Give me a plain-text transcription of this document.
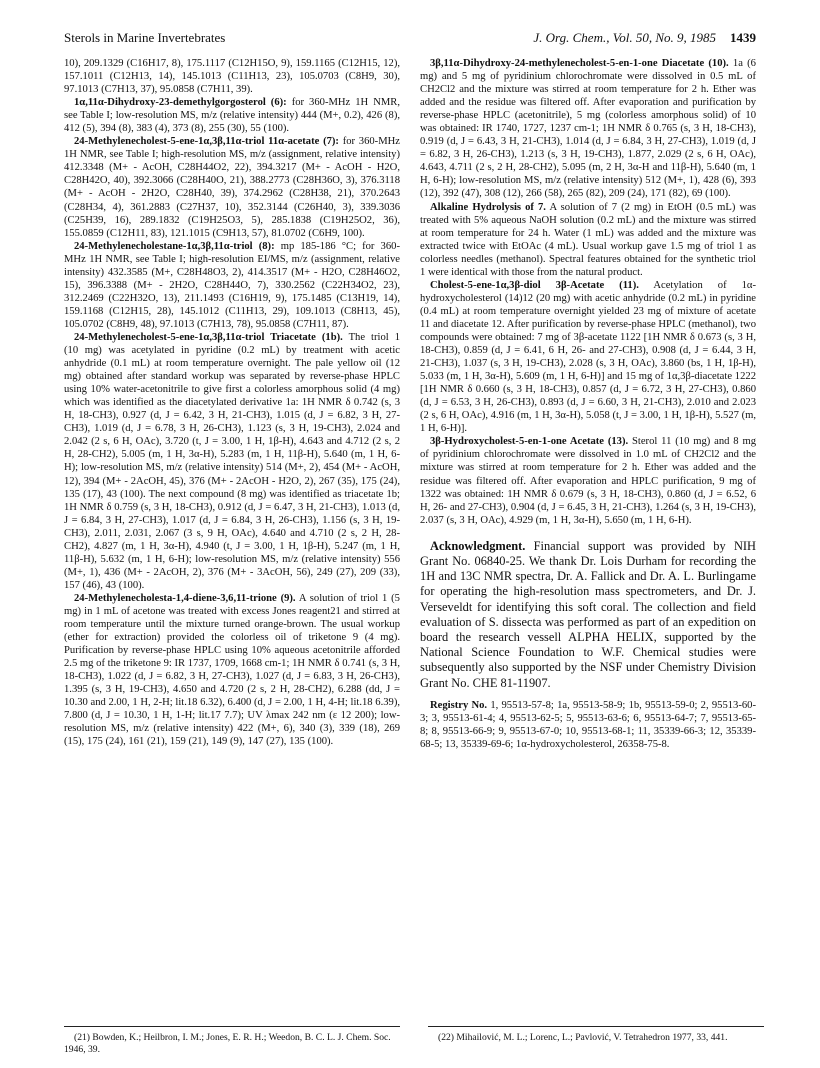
Sterols in Marine Invertebrates	J. Org. Chem., Vol. 50, No. 9, 1985 1439

10), 209.1329 (C16H17, 8), 175.1117 (C12H15O, 9), 159.1165 (C12H15, 12), 157.1011 (C12H13, 14), 145.1013 (C11H13, 23), 105.0703 (C8H9, 30), 97.1013 (C7H13, 37), 95.0858 (C7H11, 39).

1α,11α-Dihydroxy-23-demethylgorgosterol (6): for 360-MHz 1H NMR, see Table I; low-resolution MS, m/z (relative intensity) 444 (M+, 0.2), 426 (8), 412 (5), 394 (8), 383 (4), 373 (8), 255 (30), 55 (100).

24-Methylenecholest-5-ene-1α,3β,11α-triol 11α-acetate (7): for 360-MHz 1H NMR, see Table I; high-resolution MS, m/z (assignment, relative intensity) 412.3348 (M+ - AcOH, C28H44O2, 22), 394.3217 (M+ - AcOH - H2O, C28H42O, 40), 392.3066 (C28H40O, 21), 388.2773 (C28H36O, 3), 376.3118 (M+ - AcOH - 2H2O, C28H40, 39), 374.2962 (C28H38, 21), 370.2643 (C28H34, 4), 361.2883 (C27H37, 10), 352.3144 (C26H40, 3), 339.3036 (C25H39, 16), 289.1832 (C19H25O3, 5), 285.1838 (C19H25O2, 36), 155.0859 (C12H11, 83), 121.1015 (C9H13, 57), 81.0702 (C6H9, 100).

24-Methylenecholestane-1α,3β,11α-triol (8): mp 185-186 °C; for 360-MHz 1H NMR, see Table I; high-resolution EI/MS, m/z (assignment, relative intensity) 432.3585 (M+, C28H48O3, 2), 414.3517 (M+ - H2O, C28H46O2, 15), 396.3388 (M+ - 2H2O, C28H44O, 7), 330.2562 (C22H34O2, 23), 312.2469 (C22H32O, 13), 211.1493 (C16H19, 9), 175.1485 (C13H19, 14), 159.1168 (C12H15, 28), 145.1012 (C11H13, 29), 109.1013 (C8H13, 45), 105.0702 (C8H9, 48), 97.1013 (C7H13, 78), 95.0858 (C7H11, 87).

24-Methylenecholest-5-ene-1α,3β,11α-triol Triacetate (1b). The triol 1 (10 mg) was acetylated in pyridine (0.2 mL) by treatment with acetic anhydride (0.1 mL) at room temperature overnight. The pale yellow oil (12 mg) obtained after standard workup was separated by reverse-phase HPLC using 10% water-acetonitrile to give first a colorless amorphous solid (4 mg) which was identified as the diacetylated derivative 1a: 1H NMR δ 0.742 (s, 3 H, 18-CH3), 0.927 (d, J = 6.42, 3 H, 21-CH3), 1.015 (d, J = 6.82, 3 H, 27-CH3), 1.019 (d, J = 6.78, 3 H, 26-CH3), 1.123 (s, 3 H, 19-CH3), 2.024 and 2.042 (2 s, 6 H, OAc), 3.720 (t, J = 3.00, 1 H, 1β-H), 4.643 and 4.712 (2 s, 2 H, 28-CH2), 5.005 (m, 1 H, 3α-H), 5.283 (m, 1 H, 11β-H), 5.640 (m, 1 H, 6-H); low-resolution MS, m/z (relative intensity) 514 (M+, 2), 454 (M+ - AcOH, 12), 394 (M+ - 2AcOH, 45), 376 (M+ - 2AcOH - H2O, 2), 267 (35), 175 (24), 135 (17), 43 (100). The next compound (8 mg) was identified as triacetate 1b; 1H NMR δ 0.759 (s, 3 H, 18-CH3), 0.912 (d, J = 6.47, 3 H, 21-CH3), 1.013 (d, J = 6.84, 3 H, 27-CH3), 1.017 (d, J = 6.84, 3 H, 26-CH3), 1.156 (s, 3 H, 19-CH3), 2.011, 2.031, 2.067 (3 s, 9 H, OAc), 4.640 and 4.710 (2 s, 2 H, 28-CH2), 4.827 (m, 1 H, 3α-H), 4.940 (t, J = 3.00, 1 H, 1β-H), 5.247 (m, 1 H, 11β-H), 5.632 (m, 1 H, 6-H); low-resolution MS, m/z (relative intensity) 556 (M+, 1), 436 (M+ - 2AcOH, 2), 376 (M+ - 3AcOH, 56), 249 (27), 209 (33), 157 (46), 43 (100).

24-Methylenecholesta-1,4-diene-3,6,11-trione (9). A solution of triol 1 (5 mg) in 1 mL of acetone was treated with excess Jones reagent21 and stirred at room temperature until the mixture turned orange-brown. The usual workup (ether for extraction) provided the colorless oil of triketone 9 (4 mg). Purification by reverse-phase HPLC using 10% aqueous acetonitrile afforded 2.5 mg of the triketone 9: IR 1737, 1709, 1668 cm-1; 1H NMR δ 0.741 (s, 3 H, 18-CH3), 1.022 (d, J = 6.82, 3 H, 27-CH3), 1.027 (d, J = 6.83, 3 H, 26-CH3), 1.395 (s, 3 H, 19-CH3), 4.650 and 4.720 (2 s, 2 H, 28-CH2), 6.288 (dd, J = 10.30 and 2.00, 1 H, 2-H; lit.18 6.32), 6.400 (d, J = 2.00, 1 H, 4-H; lit.18 6.39), 7.800 (d, J = 10.30, 1 H, 1-H; lit.17 7.7); UV λmax 242 nm (ε 12 200); low-resolution MS, m/z (relative intensity) 422 (M+, 6), 340 (3), 339 (18), 269 (15), 175 (24), 161 (21), 159 (21), 149 (9), 147 (27), 135 (100).

3β,11α-Dihydroxy-24-methylenecholest-5-en-1-one Diacetate (10). 1a (6 mg) and 5 mg of pyridinium chlorochromate were dissolved in 0.5 mL of CH2Cl2 and the mixture was stirred at room temperature for 2 h. Ether was added and the residue was filtered off. After evaporation and purification by reverse-phase HPLC (acetonitrile), 5 mg (colorless amorphous solid) of 10 was obtained: IR 1740, 1727, 1237 cm-1; 1H NMR δ 0.765 (s, 3 H, 18-CH3), 0.919 (d, J = 6.43, 3 H, 21-CH3), 1.014 (d, J = 6.84, 3 H, 27-CH3), 1.019 (d, J = 6.82, 3 H, 26-CH3), 1.213 (s, 3 H, 19-CH3), 1.877, 2.029 (2 s, 6 H, OAc), 4.643, 4.711 (2 s, 2 H, 28-CH2), 5.095 (m, 2 H, 3α-H and 11β-H), 5.640 (m, 1 H, 6-H); low-resolution MS, m/z (relative intensity) 512 (M+, 1), 428 (6), 393 (12), 392 (47), 308 (12), 266 (58), 265 (82), 209 (24), 171 (82), 69 (100).

Alkaline Hydrolysis of 7. A solution of 7 (2 mg) in EtOH (0.5 mL) was treated with 5% aqueous NaOH solution (0.2 mL) and the mixture was stirred at room temperature for 24 h. Water (1 mL) was added and the mixture was extracted twice with EtOAc (4 mL). Usual workup gave 1.5 mg of triol 1 as colorless needles (methanol). Spectral features obtained for the synthetic triol 1 were identical with those from the natural product.

Cholest-5-ene-1α,3β-diol 3β-Acetate (11). Acetylation of 1α-hydroxycholesterol (14)12 (20 mg) with acetic anhydride (0.2 mL) in pyridine (0.4 mL) at room temperature overnight yielded 23 mg of mixture of acetate 11 and diacetate 12. After purification by reverse-phase HPLC (methanol), two compounds were obtained: 7 mg of 3β-acetate 1122 [1H NMR δ 0.673 (s, 3 H, 18-CH3), 0.859 (d, J = 6.41, 6 H, 26- and 27-CH3), 0.908 (d, J = 6.44, 3 H, 21-CH3), 1.037 (s, 3 H, 19-CH3), 2.028 (s, 3 H, OAc), 3.860 (bs, 1 H, 1β-H), 5.033 (m, 1 H, 3α-H), 5.609 (m, 1 H, 6-H)] and 15 mg of 1α,3β-diacetate 1222 [1H NMR δ 0.660 (s, 3 H, 18-CH3), 0.857 (d, J = 6.72, 3 H, 27-CH3), 0.860 (d, J = 6.53, 3 H, 26-CH3), 0.893 (d, J = 6.60, 3 H, 21-CH3), 2.010 and 2.023 (2 s, 6 H, OAc), 4.916 (m, 1 H, 3α-H), 5.058 (t, J = 3.00, 1 H, 1β-H), 5.527 (m, 1 H, 6-H)].

3β-Hydroxycholest-5-en-1-one Acetate (13). Sterol 11 (10 mg) and 8 mg of pyridinium chlorochromate were dissolved in 1.0 mL of CH2Cl2 and the mixture was stirred at room temperature for 2 h. Ether was added and the residue was filtered off. After evaporation and HPLC purification, 9 mg of 1322 was obtained: 1H NMR δ 0.679 (s, 3 H, 18-CH3), 0.860 (d, J = 6.52, 6 H, 26- and 27-CH3), 0.904 (d, J = 6.45, 3 H, 21-CH3), 1.264 (s, 3 H, 19-CH3), 2.037 (s, 3 H, OAc), 4.929 (m, 1 H, 3α-H), 5.650 (m, 1 H, 6-H).

Acknowledgment. Financial support was provided by NIH Grant No. 06840-25. We thank Dr. Lois Durham for recording the 1H and 13C NMR spectra, Dr. A. Fallick and Dr. A. L. Burlingame for operating the high-resolution mass spectrometers, and Dr. J. Verseveldt for identifying this soft coral. The collection and field evaluation of S. dissecta was performed as part of an expedition on board the research vessell ALPHA HELIX, supported by the National Science Foundation to W.F. Chemical studies were subsequently also supported by the NSF under Chemistry Division Grant No. CHE 81-11907.

Registry No. 1, 95513-57-8; 1a, 95513-58-9; 1b, 95513-59-0; 2, 95513-60-3; 3, 95513-61-4; 4, 95513-62-5; 5, 95513-63-6; 6, 95513-64-7; 7, 95513-65-8; 8, 95513-66-9; 9, 95513-67-0; 10, 95513-68-1; 11, 35339-66-3; 12, 35339-68-5; 13, 35339-69-6; 1α-hydroxycholesterol, 26358-75-8.

(21) Bowden, K.; Heilbron, I. M.; Jones, E. R. H.; Weedon, B. C. L. J. Chem. Soc. 1946, 39.

(22) Mihailović, M. L.; Lorenc, L.; Pavlović, V. Tetrahedron 1977, 33, 441.
